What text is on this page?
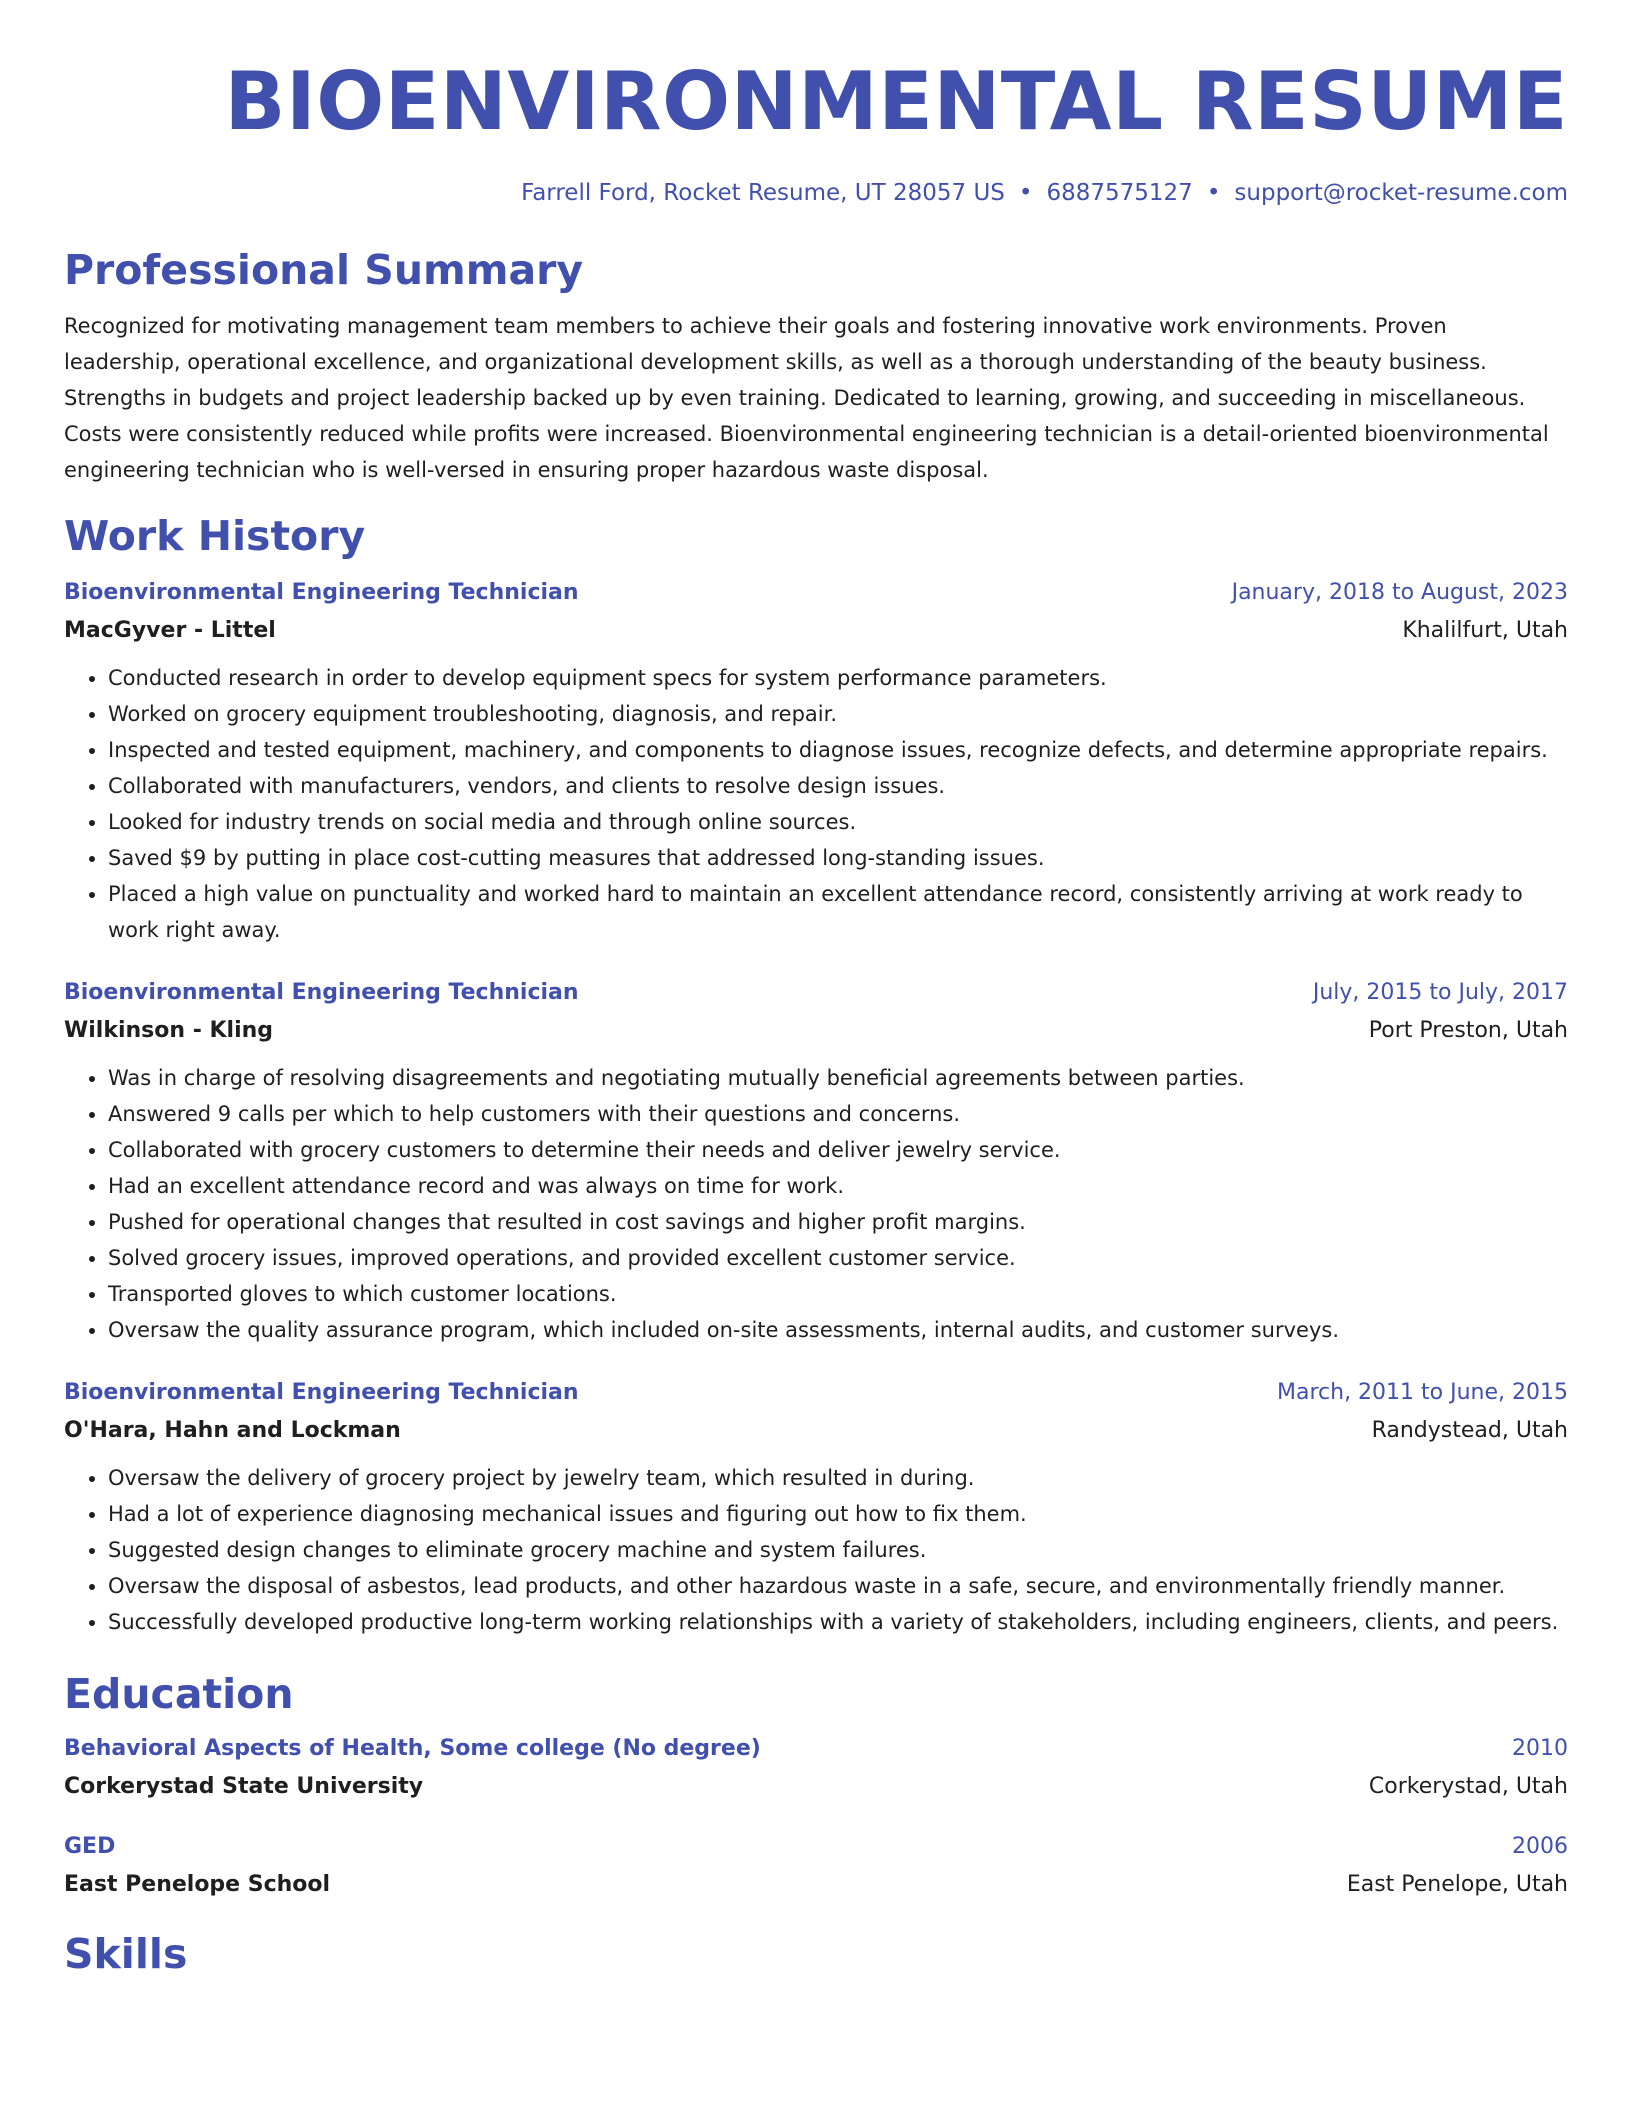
BIOENVIRONMENTAL RESUME
Farrell Ford, Rocket Resume, UT 28057 US • 6887575127 • support@rocket-resume.com
Professional Summary
Recognized for motivating management team members to achieve their goals and fostering innovative work environments. Proven leadership, operational excellence, and organizational development skills, as well as a thorough understanding of the beauty business. Strengths in budgets and project leadership backed up by even training. Dedicated to learning, growing, and succeeding in miscellaneous. Costs were consistently reduced while profits were increased. Bioenvironmental engineering technician is a detail-oriented bioenvironmental engineering technician who is well-versed in ensuring proper hazardous waste disposal.
Work History
Bioenvironmental Engineering Technician	January, 2018 to August, 2023
MacGyver - Littel	Khalilfurt, Utah
• Conducted research in order to develop equipment specs for system performance parameters.
• Worked on grocery equipment troubleshooting, diagnosis, and repair.
• Inspected and tested equipment, machinery, and components to diagnose issues, recognize defects, and determine appropriate repairs.
• Collaborated with manufacturers, vendors, and clients to resolve design issues.
• Looked for industry trends on social media and through online sources.
• Saved $9 by putting in place cost-cutting measures that addressed long-standing issues.
• Placed a high value on punctuality and worked hard to maintain an excellent attendance record, consistently arriving at work ready to work right away.
Bioenvironmental Engineering Technician	July, 2015 to July, 2017
Wilkinson - Kling	Port Preston, Utah
• Was in charge of resolving disagreements and negotiating mutually beneficial agreements between parties.
• Answered 9 calls per which to help customers with their questions and concerns.
• Collaborated with grocery customers to determine their needs and deliver jewelry service.
• Had an excellent attendance record and was always on time for work.
• Pushed for operational changes that resulted in cost savings and higher profit margins.
• Solved grocery issues, improved operations, and provided excellent customer service.
• Transported gloves to which customer locations.
• Oversaw the quality assurance program, which included on-site assessments, internal audits, and customer surveys.
Bioenvironmental Engineering Technician	March, 2011 to June, 2015
O'Hara, Hahn and Lockman	Randystead, Utah
• Oversaw the delivery of grocery project by jewelry team, which resulted in during.
• Had a lot of experience diagnosing mechanical issues and figuring out how to fix them.
• Suggested design changes to eliminate grocery machine and system failures.
• Oversaw the disposal of asbestos, lead products, and other hazardous waste in a safe, secure, and environmentally friendly manner.
• Successfully developed productive long-term working relationships with a variety of stakeholders, including engineers, clients, and peers.
Education
Behavioral Aspects of Health, Some college (No degree)	2010
Corkerystad State University	Corkerystad, Utah
GED	2006
East Penelope School	East Penelope, Utah
Skills
